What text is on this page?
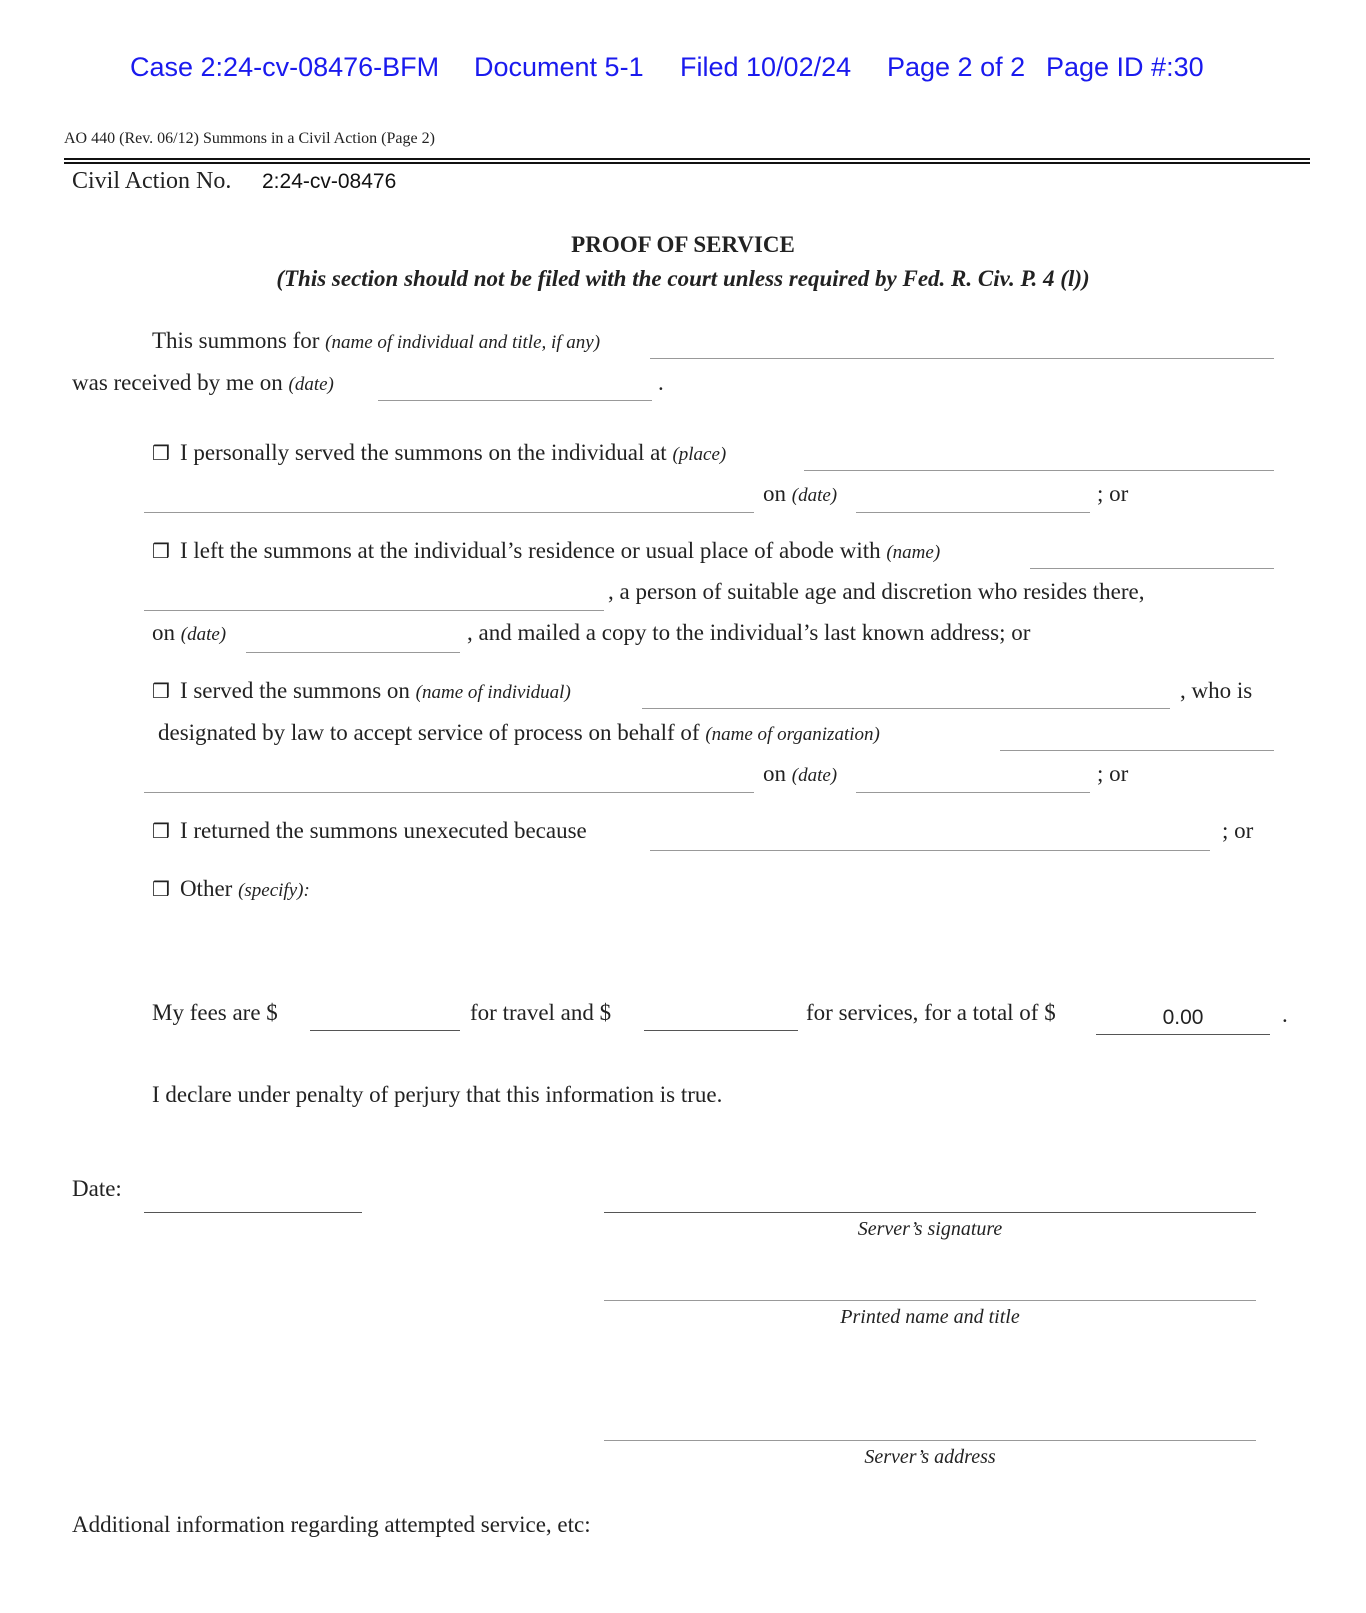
Case 2:24-cv-08476-BFM Document 5-1 Filed 10/02/24 Page 2 of 2 Page ID #:30
AO 440 (Rev. 06/12) Summons in a Civil Action (Page 2)
Civil Action No. 2:24-cv-08476
PROOF OF SERVICE
(This section should not be filed with the court unless required by Fed. R. Civ. P. 4 (l))
This summons for (name of individual and title, if any)
was received by me on (date)	.
❒ I personally served the summons on the individual at (place)
on (date)	; or
❒ I left the summons at the individual’s residence or usual place of abode with (name)
, a person of suitable age and discretion who resides there,
on (date)	, and mailed a copy to the individual’s last known address; or
❒ I served the summons on (name of individual)	, who is
designated by law to accept service of process on behalf of (name of organization)
on (date)	; or
❒ I returned the summons unexecuted because	; or
❒ Other (specify):
My fees are $	for travel and $	for services, for a total of $	0.00	.
I declare under penalty of perjury that this information is true.
Date:
Server’s signature
Printed name and title
Server’s address
Additional information regarding attempted service, etc:
